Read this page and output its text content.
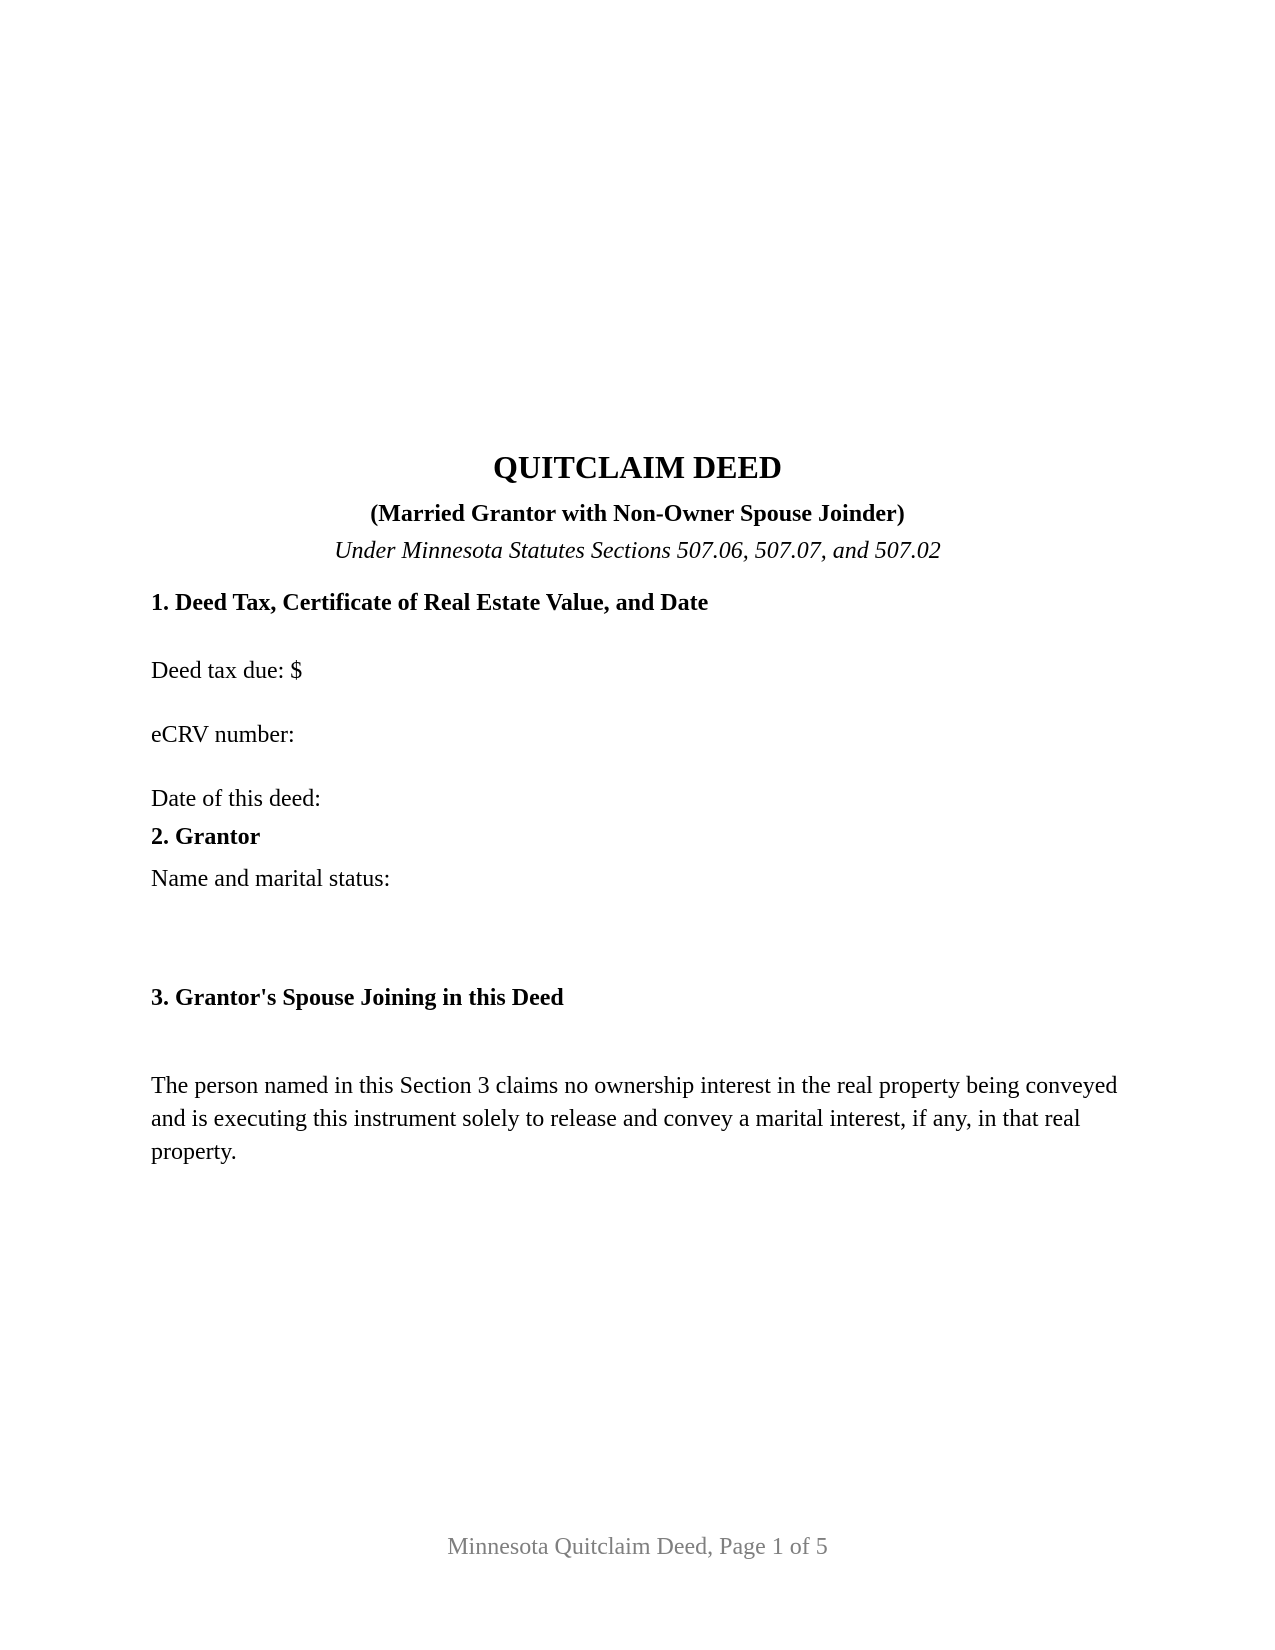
QUITCLAIM DEED
(Married Grantor with Non-Owner Spouse Joinder)

Under Minnesota Statutes Sections 507.06, 507.07, and 507.02

1. Deed Tax, Certificate of Real Estate Value, and Date

Deed tax due: $

eCRV number:

Date of this deed:

2. Grantor

Name and marital status:

3. Grantor's Spouse Joining in this Deed

The person named in this Section 3 claims no ownership interest in the real property being conveyed and is executing this instrument solely to release and convey a marital interest, if any, in that real property.

Minnesota Quitclaim Deed, Page 1 of 5
